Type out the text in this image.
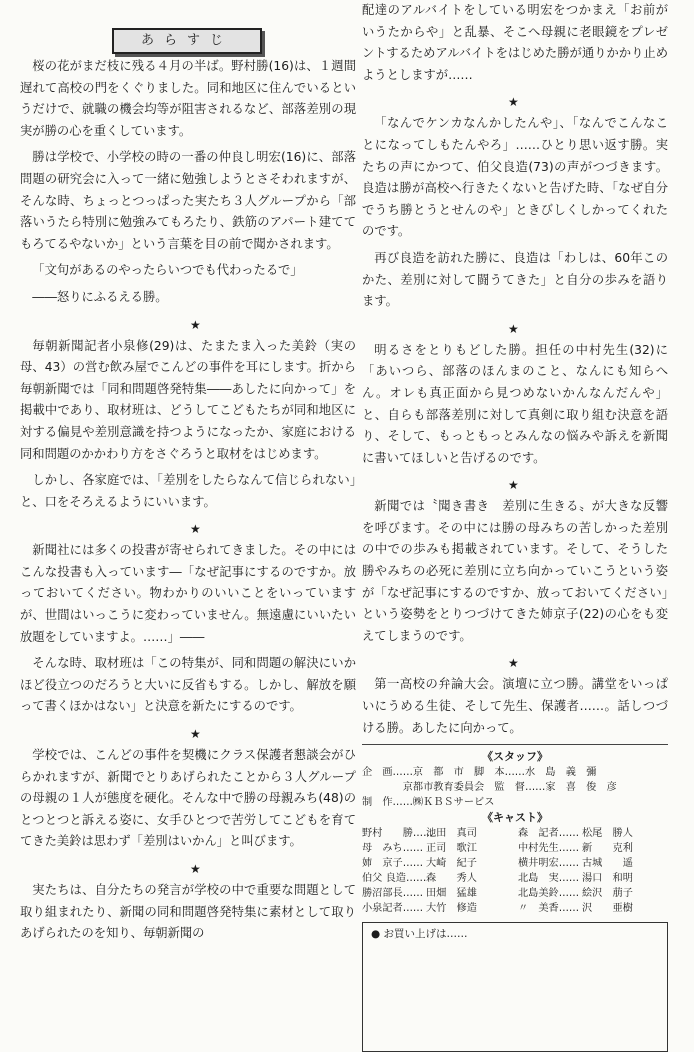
あらすじ

桜の花がまだ枝に残る４月の半ば。野村勝(16)は、１週間遅れて高校の門をくぐりました。同和地区に住んでいるというだけで、就職の機会均等が阻害されるなど、部落差別の現実が勝の心を重くしています。

勝は学校で、小学校の時の一番の仲良し明宏(16)に、部落問題の研究会に入って一緒に勉強しようとさそわれますが、そんな時、ちょっとつっぱった実たち３人グループから「部落いうたら特別に勉強みてもろたり、鉄筋のアパート建ててもろてるやないか」という言葉を目の前で聞かされます。

「文句があるのやったらいつでも代わったるで」

――怒りにふるえる勝。

★

毎朝新聞記者小泉修(29)は、たまたま入った美鈴（実の母、43）の営む飲み屋でこんどの事件を耳にします。折から毎朝新聞では「同和問題啓発特集――あしたに向かって」を掲載中であり、取材班は、どうしてこどもたちが同和地区に対する偏見や差別意識を持つようになったか、家庭における同和問題のかかわり方をさぐろうと取材をはじめます。

しかし、各家庭では、「差別をしたらなんて信じられない」と、口をそろえるようにいいます。

★

新聞社には多くの投書が寄せられてきました。その中にはこんな投書も入っています―「なぜ記事にするのですか。放っておいてください。物わかりのいいことをいっていますが、世間はいっこうに変わっていません。無遠慮にいいたい放題をしていますよ。……」――

そんな時、取材班は「この特集が、同和問題の解決にいかほど役立つのだろうと大いに反省もする。しかし、解放を願って書くほかはない」と決意を新たにするのです。

★

学校では、こんどの事件を契機にクラス保護者懇談会がひらかれますが、新聞でとりあげられたことから３人グループの母親の１人が態度を硬化。そんな中で勝の母親みち(48)のとつとつと訴える姿に、女手ひとつで苦労してこどもを育ててきた美鈴は思わず「差別はいかん」と叫びます。

★

実たちは、自分たちの発言が学校の中で重要な問題として取り組まれたり、新聞の同和問題啓発特集に素材として取りあげられたのを知り、毎朝新聞の

配達のアルバイトをしている明宏をつかまえ「お前がいうたからや」と乱暴、そこへ母親に老眼鏡をプレゼントするためアルバイトをはじめた勝が通りかかり止めようとしますが……

★

「なんでケンカなんかしたんや」、「なんでこんなことになってしもたんやろ」……ひとり思い返す勝。実たちの声にかつて、伯父良造(73)の声がつづきます。良造は勝が高校へ行きたくないと告げた時、「なぜ自分でうち勝とうとせんのや」ときびしくしかってくれたのです。

再び良造を訪れた勝に、良造は「わしは、60年このかた、差別に対して闘うてきた」と自分の歩みを語ります。

★

明るさをとりもどした勝。担任の中村先生(32)に「あいつら、部落のほんまのこと、なんにも知らへん。オレも真正面から見つめないかんなんだんや」と、自らも部落差別に対して真剣に取り組む決意を語り、そして、もっともっとみんなの悩みや訴えを新聞に書いてほしいと告げるのです。

★

新聞では〝聞き書き　差別に生きる〟が大きな反響を呼びます。その中には勝の母みちの苦しかった差別の中での歩みも掲載されています。そして、そうした勝やみちの必死に差別に立ち向かっていこうという姿が「なぜ記事にするのですか、放っておいてください」という姿勢をとりつづけてきた姉京子(22)の心をも変えてしまうのです。

★

第一高校の弁論大会。演壇に立つ勝。講堂をいっぱいにうめる生徒、そして先生、保護者……。話しつづける勝。あしたに向かって。

《スタッフ》
企　画……京　都　市　脚　本……水　島　義　彌
　　　　京都市教育委員会　監　督……家　喜　俊　彦
制　作……㈱ＫＢＳサービス
《キャスト》
野村　　勝……池田　真司	森　記者…… 松尾　勝人
母　みち…… 正司　歌江	中村先生…… 新　　克利
姉　京子…… 大崎　紀子	横井明宏…… 古城　　遥
伯父 良造……森　　秀人	北島　実…… 湯口　和明
勝沼部長…… 田畑　猛雄	北島美鈴…… 絵沢　萠子
小泉記者…… 大竹　修造	〃　美香…… 沢　　亜樹
● お買い上げは……
